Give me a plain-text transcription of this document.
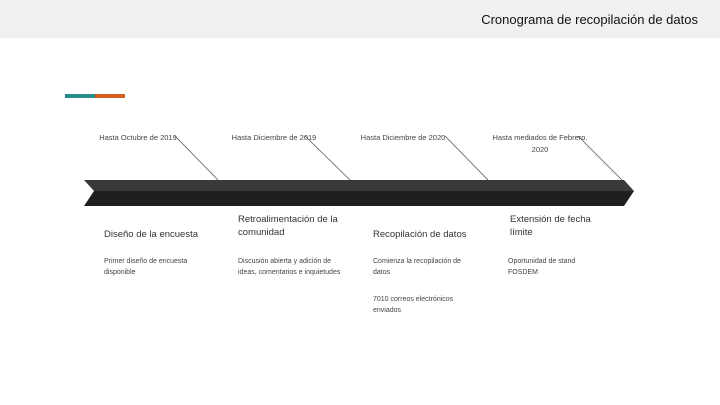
Cronograma de recopilación de datos
Hasta Octubre de 2019
Diseño de la encuesta
Primer diseño de encuesta disponible
Hasta Diciembre de 2019
Retroalimentación de la comunidad
Discusión abierta y adición de ideas, comentarios e inquietudes
Hasta Diciembre de 2020
Recopilación de datos
Comienza la recopilación de datos
7010 correos electrónicos enviados
Hasta mediados de Febrero. 2020
Extensión de fecha límite
Oportunidad de stand FOSDEM
